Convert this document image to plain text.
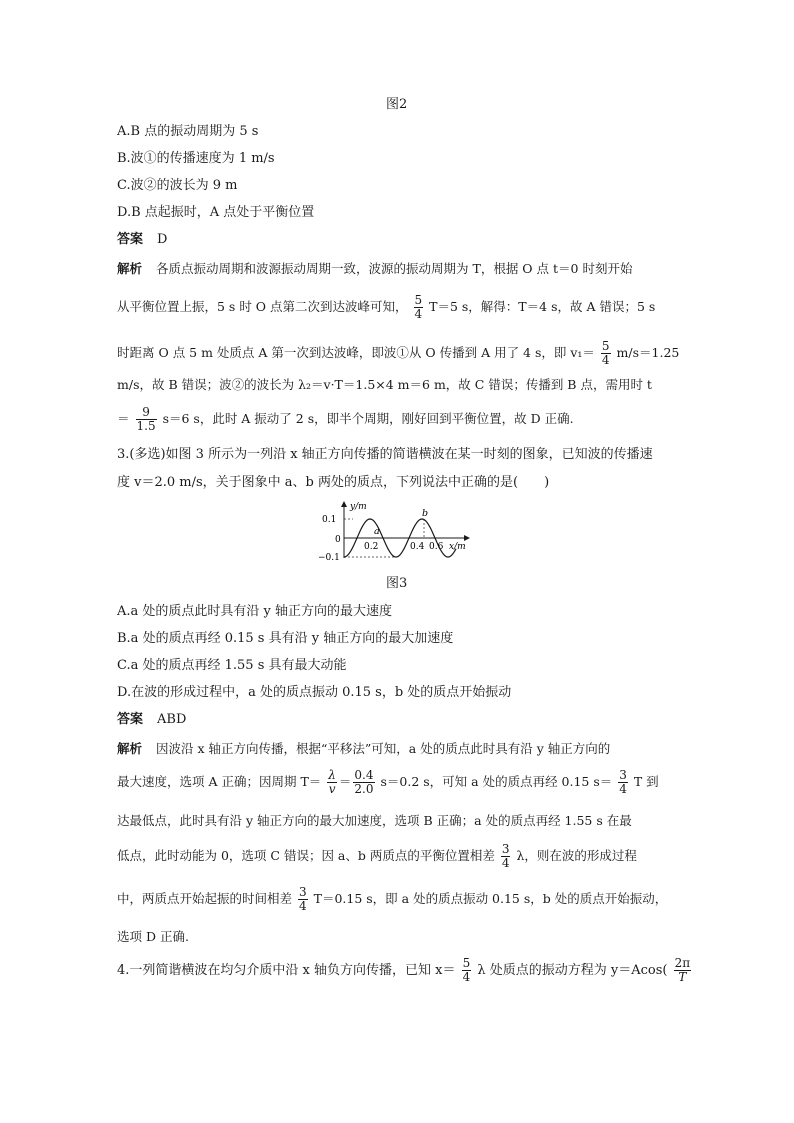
图2
A.B 点的振动周期为 5 s
B.波①的传播速度为 1 m/s
C.波②的波长为 9 m
D.B 点起振时，A 点处于平衡位置
答案 D
解析 各质点振动周期和波源振动周期一致，波源的振动周期为 T，根据 O 点 t＝0 时刻开始
从平衡位置上振，5 s 时 O 点第二次到达波峰可知， $\frac{5}{4} T=5$ s，解得：T＝4 s，故 A 错误；5 s
时距离 O 点 5 m 处质点 A 第一次到达波峰，即波①从 O 传播到 A 用了 4 s，即 $v_1= \frac{5}{4} m/s=1.25$
m/s，故 B 错误；波②的波长为 λ₂＝v·T＝1.5×4 m＝6 m，故 C 错误；传播到 B 点，需用时 t
＝ $\frac{9}{1.5} s=6$ s，此时 A 振动了 2 s，即半个周期，刚好回到平衡位置，故 D 正确.
3.(多选)如图 3 所示为一列沿 x 轴正方向传播的简谐横波在某一时刻的图象，已知波的传播速
度 v＝2.0 m/s，关于图象中 a、b 两处的质点，下列说法中正确的是(　　)
y/m
0.1
0
−0.1
0.2	0.4 0.6 x/m
a
b
图3
A.a 处的质点此时具有沿 y 轴正方向的最大速度
B.a 处的质点再经 0.15 s 具有沿 y 轴正方向的最大加速度
C.a 处的质点再经 1.55 s 具有最大动能
D.在波的形成过程中，a 处的质点振动 0.15 s，b 处的质点开始振动
答案 ABD
解析 因波沿 x 轴正方向传播，根据“平移法”可知，a 处的质点此时具有沿 y 轴正方向的
最大速度，选项 A 正确；因周期 $T= \frac{\lambda}{v} = \frac{0.4}{2.0} s=0.2$ s，可知 a 处的质点再经 0.15 $s= \frac{3}{4}$ T 到
达最低点，此时具有沿 y 轴正方向的最大加速度，选项 B 正确；a 处的质点再经 1.55 s 在最
低点，此时动能为 0，选项 C 错误；因 a、b 两质点的平衡位置相差 $\frac{3}{4}$ λ，则在波的形成过程
中，两质点开始起振的时间相差 $\frac{3}{4} T=0.15$ s，即 a 处的质点振动 0.15 s，b 处的质点开始振动，
选项 D 正确.
4.一列简谐横波在均匀介质中沿 x 轴负方向传播，已知 $x= \frac{5}{4}$ λ 处质点的振动方程为 $y=Acos( \frac{2\pi}{T}$
